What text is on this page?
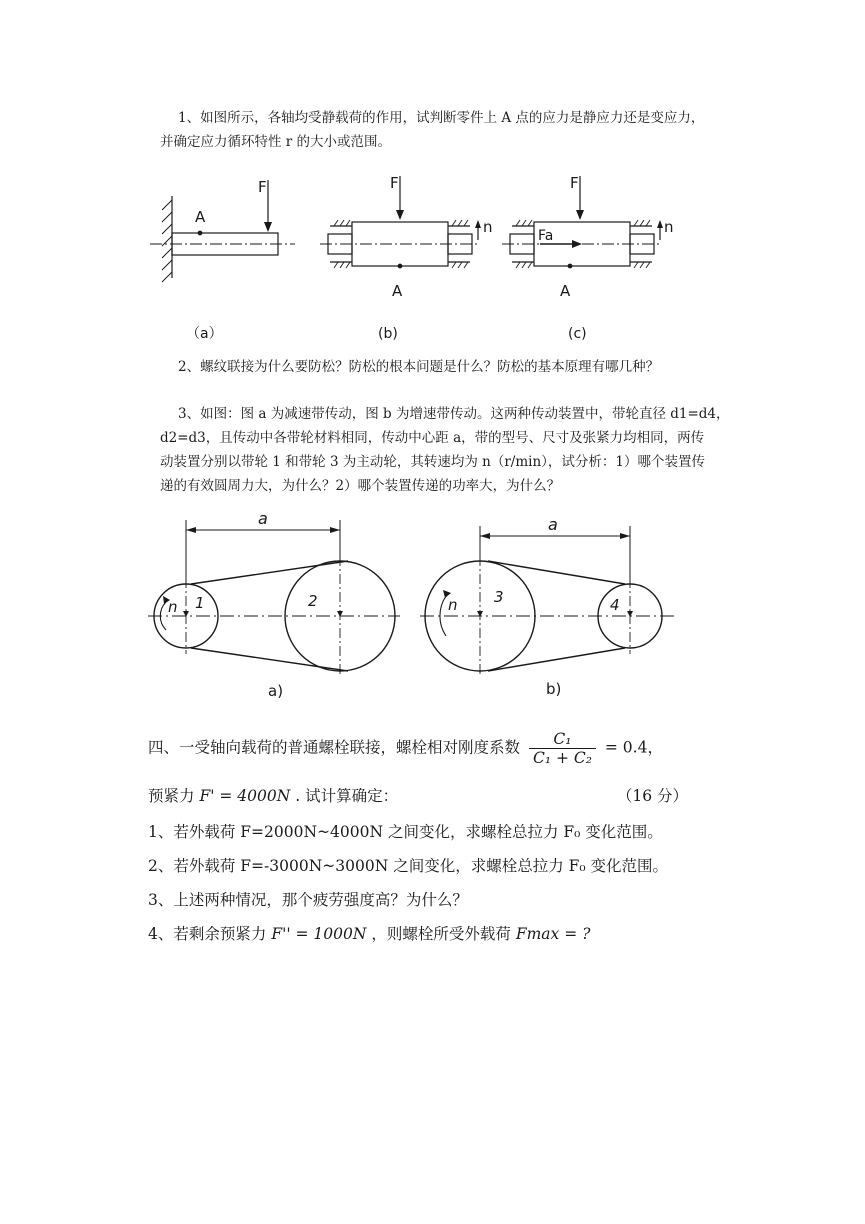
1、如图所示，各轴均受静载荷的作用，试判断零件上 A 点的应力是静应力还是变应力，

并确定应力循环特性 r 的大小或范围。

F
A
（a）
F
n
A
(b)
F
Fa	n
A
(c)

2、螺纹联接为什么要防松？防松的根本问题是什么？防松的基本原理有哪几种？

3、如图：图 a 为减速带传动，图 b 为增速带传动。这两种传动装置中，带轮直径 d1=d4，

d2=d3，且传动中各带轮材料相同，传动中心距 a，带的型号、尺寸及张紧力均相同，两传

动装置分别以带轮 1 和带轮 3 为主动轮，其转速均为 n（r/min），试分析：1）哪个装置传

递的有效圆周力大，为什么？2）哪个装置传递的功率大，为什么？

a
n 1	2
a)
a
n 3	4
b)
四、一受轴向载荷的普通螺栓联接，螺栓相对刚度系数 $\frac{\text{C₁}}{\text{C₁ + C₂}} = 0.4$，
预紧力 F' = 4000N . 试计算确定：	（16 分）
1、若外载荷 F=2000N~4000N 之间变化，求螺栓总拉力 F₀ 变化范围。
2、若外载荷 F=-3000N~3000N 之间变化，求螺栓总拉力 F₀ 变化范围。
3、上述两种情况，那个疲劳强度高？为什么？
4、若剩余预紧力 F'' = 1000N ，则螺栓所受外载荷 Fmax = ?
